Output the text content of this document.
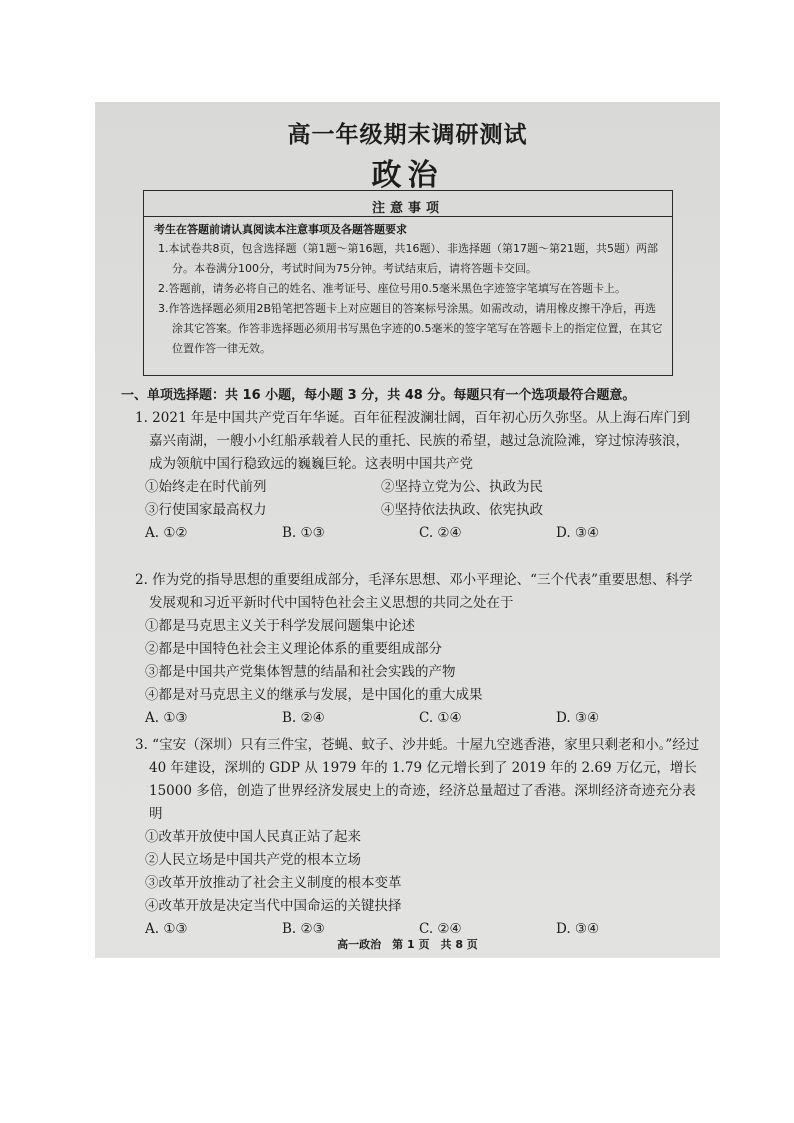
高一年级期末调研测试
政治
注意事项
考生在答题前请认真阅读本注意事项及各题答题要求
1.本试卷共8页，包含选择题（第1题～第16题，共16题）、非选择题（第17题～第21题，共5题）两部分。本卷满分100分，考试时间为75分钟。考试结束后，请将答题卡交回。
2.答题前，请务必将自己的姓名、准考证号、座位号用0.5毫米黑色字迹签字笔填写在答题卡上。
3.作答选择题必须用2B铅笔把答题卡上对应题目的答案标号涂黑。如需改动，请用橡皮擦干净后，再选涂其它答案。作答非选择题必须用书写黑色字迹的0.5毫米的签字笔写在答题卡上的指定位置，在其它位置作答一律无效。
一、单项选择题：共 16 小题，每小题 3 分，共 48 分。每题只有一个选项最符合题意。

1. 2021 年是中国共产党百年华诞。百年征程波澜壮阔，百年初心历久弥坚。从上海石库门到嘉兴南湖，一艘小小红船承载着人民的重托、民族的希望，越过急流险滩，穿过惊涛骇浪，成为领航中国行稳致远的巍巍巨轮。这表明中国共产党

①始终走在时代前列	②坚持立党为公、执政为民
③行使国家最高权力	④坚持依法执政、依宪执政
A. ①②	B. ①③	C. ②④	D. ③④

2. 作为党的指导思想的重要组成部分，毛泽东思想、邓小平理论、“三个代表”重要思想、科学发展观和习近平新时代中国特色社会主义思想的共同之处在于

①都是马克思主义关于科学发展问题集中论述
②都是中国特色社会主义理论体系的重要组成部分
③都是中国共产党集体智慧的结晶和社会实践的产物
④都是对马克思主义的继承与发展，是中国化的重大成果
A. ①③	B. ②④	C. ①④	D. ③④

3. “宝安（深圳）只有三件宝，苍蝇、蚊子、沙井蚝。十屋九空逃香港，家里只剩老和小。”经过 40 年建设，深圳的 GDP 从 1979 年的 1.79 亿元增长到了 2019 年的 2.69 万亿元，增长 15000 多倍，创造了世界经济发展史上的奇迹，经济总量超过了香港。深圳经济奇迹充分表明

①改革开放使中国人民真正站了起来
②人民立场是中国共产党的根本立场
③改革开放推动了社会主义制度的根本变革
④改革开放是决定当代中国命运的关键抉择
A. ①③	B. ②③	C. ②④	D. ③④
高一政治　第 1 页　共 8 页
